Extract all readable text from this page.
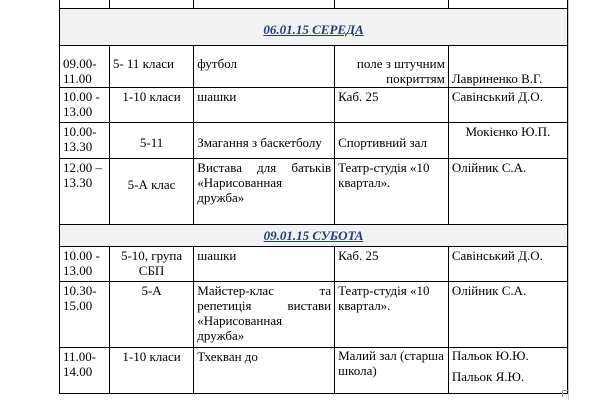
06.01.15 СЕРЕДА				
09.00-11.00	5- 11 класи	футбол	поле з штучним покриттям	Лавриненко В.Г.
10.00 - 13.00	1-10 класи	шашки	Каб. 25	Савінський Д.О.
10.00-13.30	5-11	Змагання з баскетболу	Спортивний зал	Мокієнко Ю.П.
12.00 – 13.30	5-А клас	Вистава для батьків «Нарисованная дружба»	Театр-студія «10 квартал».	Олійник С.А.
09.01.15 СУБОТА				
10.00 - 13.00	5-10, група СБП	шашки	Каб. 25	Савінський Д.О.
10.30-15.00	5-А	Майстер-клас та репетиція вистави «Нарисованная дружба»	Театр-студія «10 квартал».	Олійник С.А.
11.00-14.00	1-10 класи	Тхекван до	Малий зал (старша школа)	Пальок Ю.Ю.
Пальок Я.Ю.
